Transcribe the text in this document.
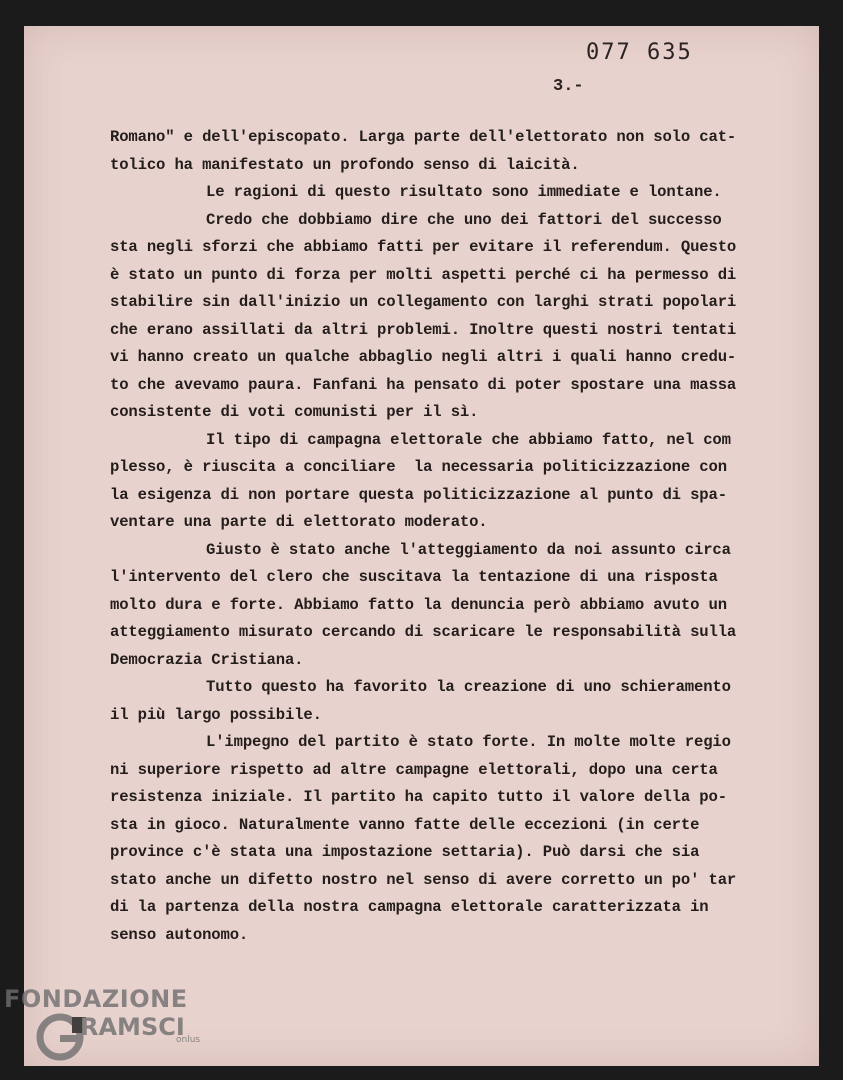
077 635
3.-
Romano" e dell'episcopato. Larga parte dell'elettorato non solo cat-
tolico ha manifestato un profondo senso di laicità.
Le ragioni di questo risultato sono immediate e lontane.
Credo che dobbiamo dire che uno dei fattori del successo
sta negli sforzi che abbiamo fatti per evitare il referendum. Questo
è stato un punto di forza per molti aspetti perché ci ha permesso di
stabilire sin dall'inizio un collegamento con larghi strati popolari
che erano assillati da altri problemi. Inoltre questi nostri tentati
vi hanno creato un qualche abbaglio negli altri i quali hanno credu-
to che avevamo paura. Fanfani ha pensato di poter spostare una massa
consistente di voti comunisti per il sì.
Il tipo di campagna elettorale che abbiamo fatto, nel com
plesso, è riuscita a conciliare  la necessaria politicizzazione con
la esigenza di non portare questa politicizzazione al punto di spa-
ventare una parte di elettorato moderato.
Giusto è stato anche l'atteggiamento da noi assunto circa
l'intervento del clero che suscitava la tentazione di una risposta
molto dura e forte. Abbiamo fatto la denuncia però abbiamo avuto un
atteggiamento misurato cercando di scaricare le responsabilità sulla
Democrazia Cristiana.
Tutto questo ha favorito la creazione di uno schieramento
il più largo possibile.
L'impegno del partito è stato forte. In molte molte regio
ni superiore rispetto ad altre campagne elettorali, dopo una certa
resistenza iniziale. Il partito ha capito tutto il valore della po-
sta in gioco. Naturalmente vanno fatte delle eccezioni (in certe
province c'è stata una impostazione settaria). Può darsi che sia
stato anche un difetto nostro nel senso di avere corretto un po' tar
di la partenza della nostra campagna elettorale caratterizzata in
senso autonomo.
FONDAZIONE
RAMSCI
onlus
